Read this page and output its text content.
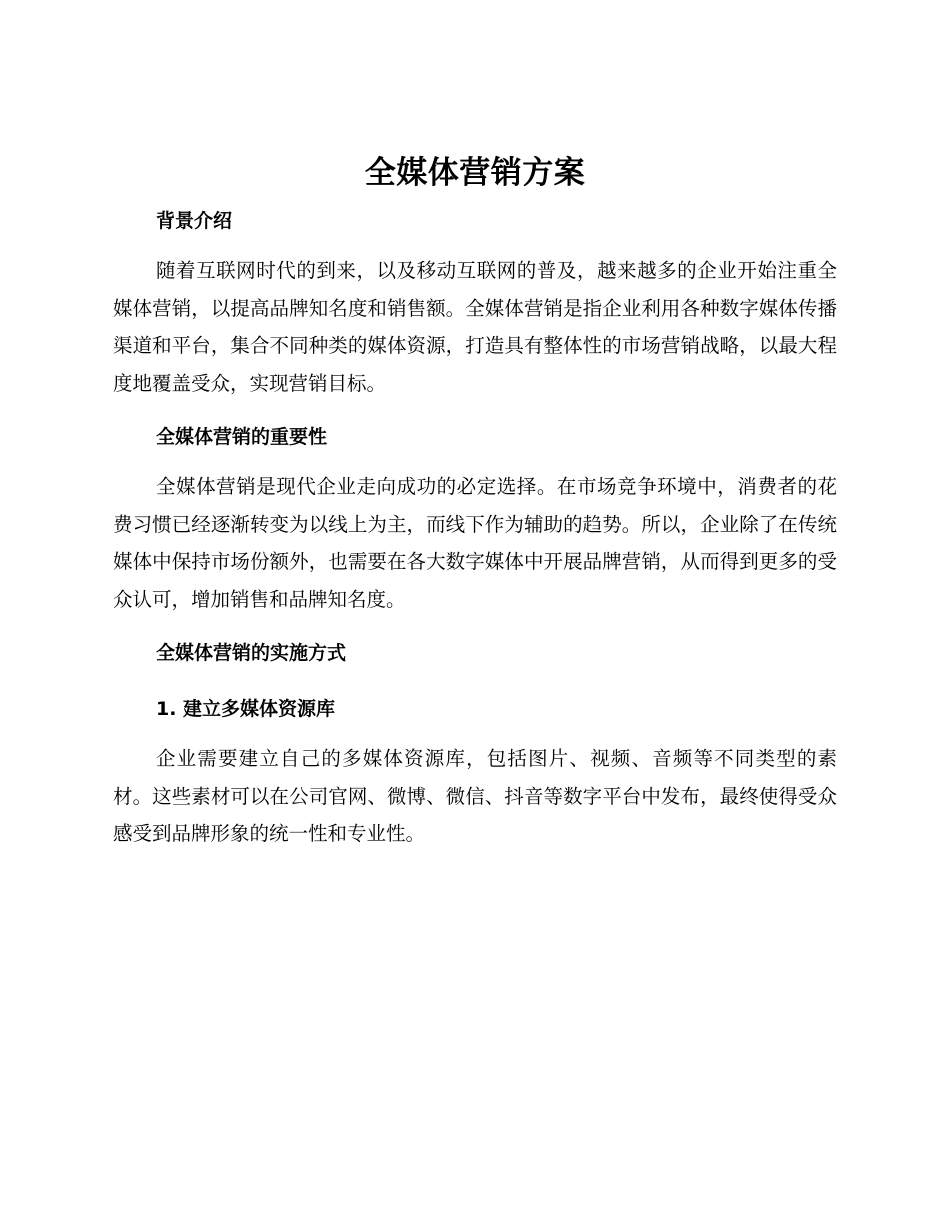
全媒体营销方案
背景介绍

随着互联网时代的到来，以及移动互联网的普及，越来越多的企业开始注重全媒体营销，以提高品牌知名度和销售额。全媒体营销是指企业利用各种数字媒体传播渠道和平台，集合不同种类的媒体资源，打造具有整体性的市场营销战略，以最大程度地覆盖受众，实现营销目标。

全媒体营销的重要性

全媒体营销是现代企业走向成功的必定选择。在市场竞争环境中，消费者的花费习惯已经逐渐转变为以线上为主，而线下作为辅助的趋势。所以，企业除了在传统媒体中保持市场份额外，也需要在各大数字媒体中开展品牌营销，从而得到更多的受众认可，增加销售和品牌知名度。

全媒体营销的实施方式
1. 建立多媒体资源库

企业需要建立自己的多媒体资源库，包括图片、视频、音频等不同类型的素材。这些素材可以在公司官网、微博、微信、抖音等数字平台中发布，最终使得受众感受到品牌形象的统一性和专业性。
